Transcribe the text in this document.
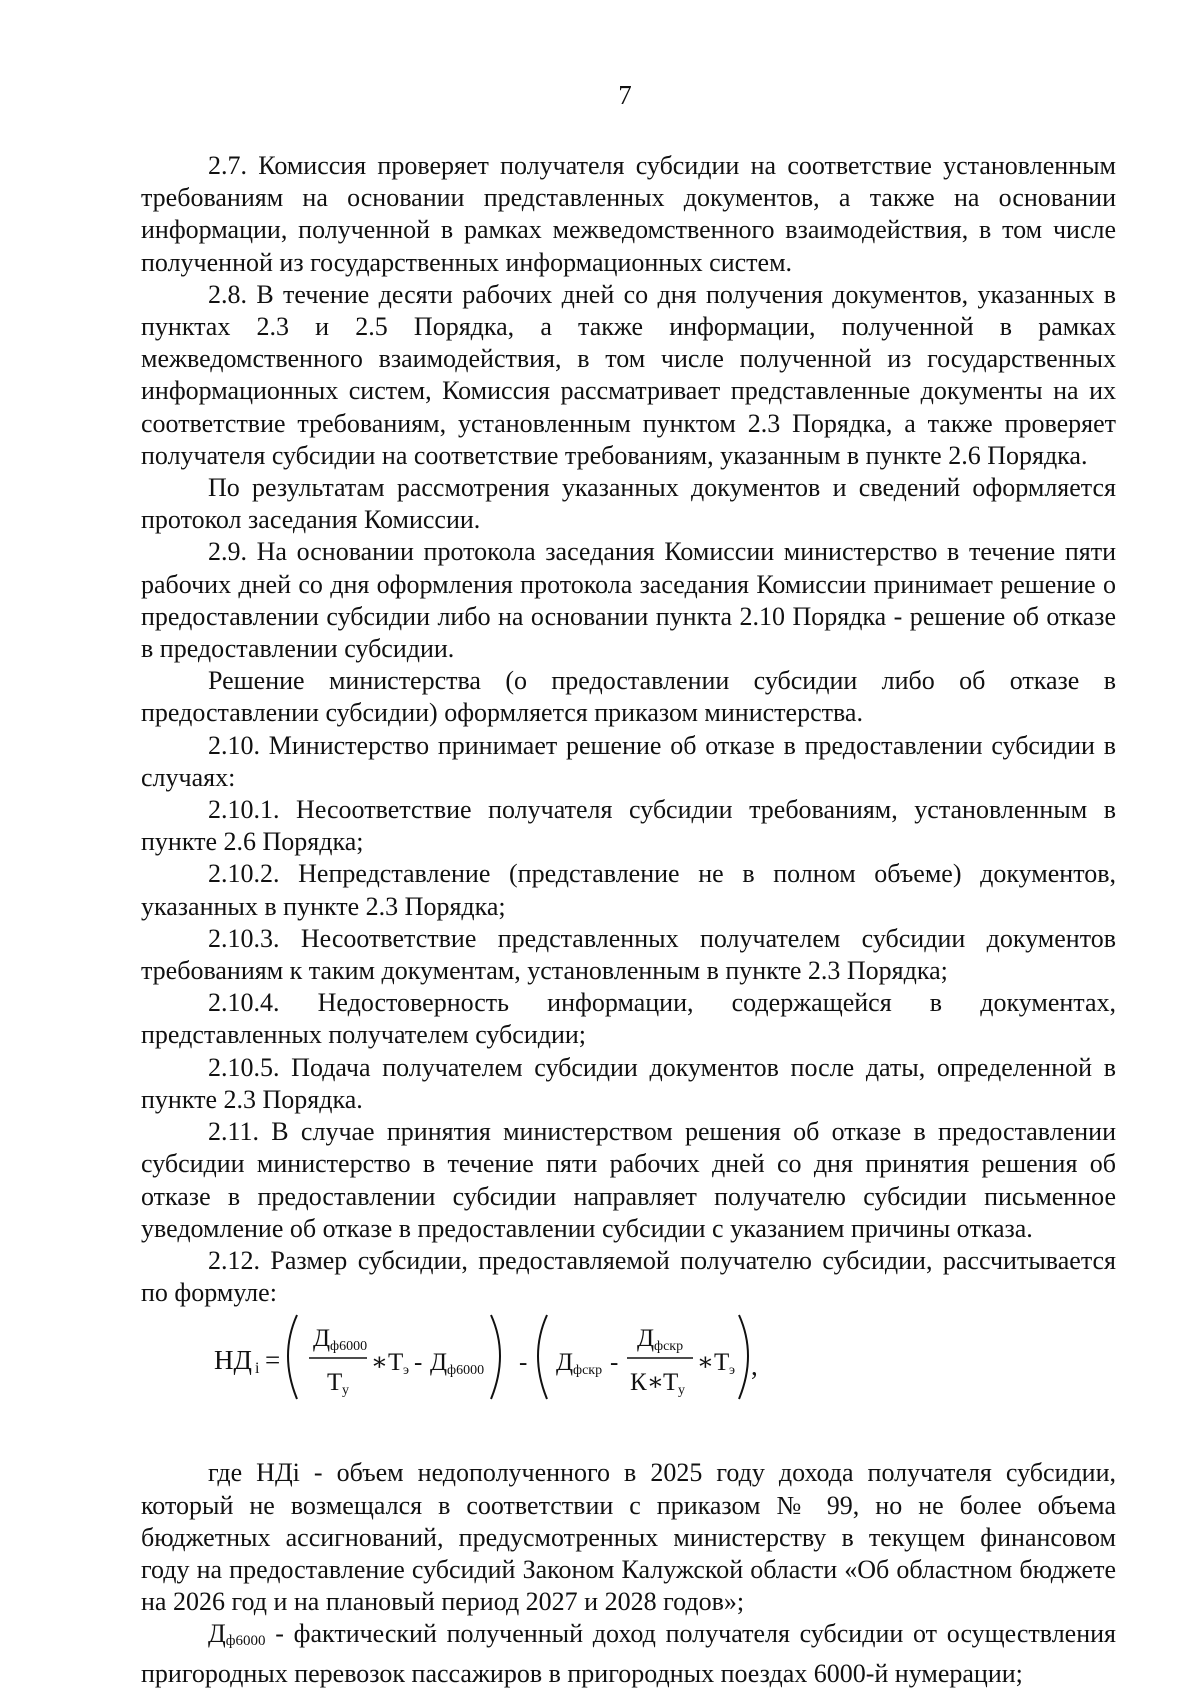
7

2.7. Комиссия проверяет получателя субсидии на соответствие установленным требованиям на основании представленных документов, а также на основании информации, полученной в рамках межведомственного взаимодействия, в том числе полученной из государственных информационных систем.

2.8. В течение десяти рабочих дней со дня получения документов, указанных в пунктах 2.3 и 2.5 Порядка, а также информации, полученной в рамках межведомственного взаимодействия, в том числе полученной из государственных информационных систем, Комиссия рассматривает представленные документы на их соответствие требованиям, установленным пунктом 2.3 Порядка, а также проверяет получателя субсидии на соответствие требованиям, указанным в пункте 2.6 Порядка.

По результатам рассмотрения указанных документов и сведений оформляется протокол заседания Комиссии.

2.9. На основании протокола заседания Комиссии министерство в течение пяти рабочих дней со дня оформления протокола заседания Комиссии принимает решение о предоставлении субсидии либо на основании пункта 2.10 Порядка - решение об отказе в предоставлении субсидии.

Решение министерства (о предоставлении субсидии либо об отказе в предоставлении субсидии) оформляется приказом министерства.

2.10. Министерство принимает решение об отказе в предоставлении субсидии в случаях:

2.10.1. Несоответствие получателя субсидии требованиям, установленным в пункте 2.6 Порядка;

2.10.2. Непредставление (представление не в полном объеме) документов, указанных в пункте 2.3 Порядка;

2.10.3. Несоответствие представленных получателем субсидии документов требованиям к таким документам, установленным в пункте 2.3 Порядка;

2.10.4. Недостоверность информации, содержащейся в документах, представленных получателем субсидии;

2.10.5. Подача получателем субсидии документов после даты, определенной в пункте 2.3 Порядка.

2.11. В случае принятия министерством решения об отказе в предоставлении субсидии министерство в течение пяти рабочих дней со дня принятия решения об отказе в предоставлении субсидии направляет получателю субсидии письменное уведомление об отказе в предоставлении субсидии с указанием причины отказа.

2.12. Размер субсидии, предоставляемой получателю субсидии, рассчитывается по формуле:

НД i =
Д ф6000
Т у
∗ Т э - Д ф6000 - Д фскр -
Д фскр
К ∗ Т у
∗ Т э ,

где НДі - объем недополученного в 2025 году дохода получателя субсидии, который не возмещался в соответствии с приказом № 99, но не более объема бюджетных ассигнований, предусмотренных министерству в текущем финансовом году на предоставление субсидий Законом Калужской области «Об областном бюджете на 2026 год и на плановый период 2027 и 2028 годов»;

$Д_{ф6000}$ - фактический полученный доход получателя субсидии от осуществления пригородных перевозок пассажиров в пригородных поездах 6000-й нумерации;
